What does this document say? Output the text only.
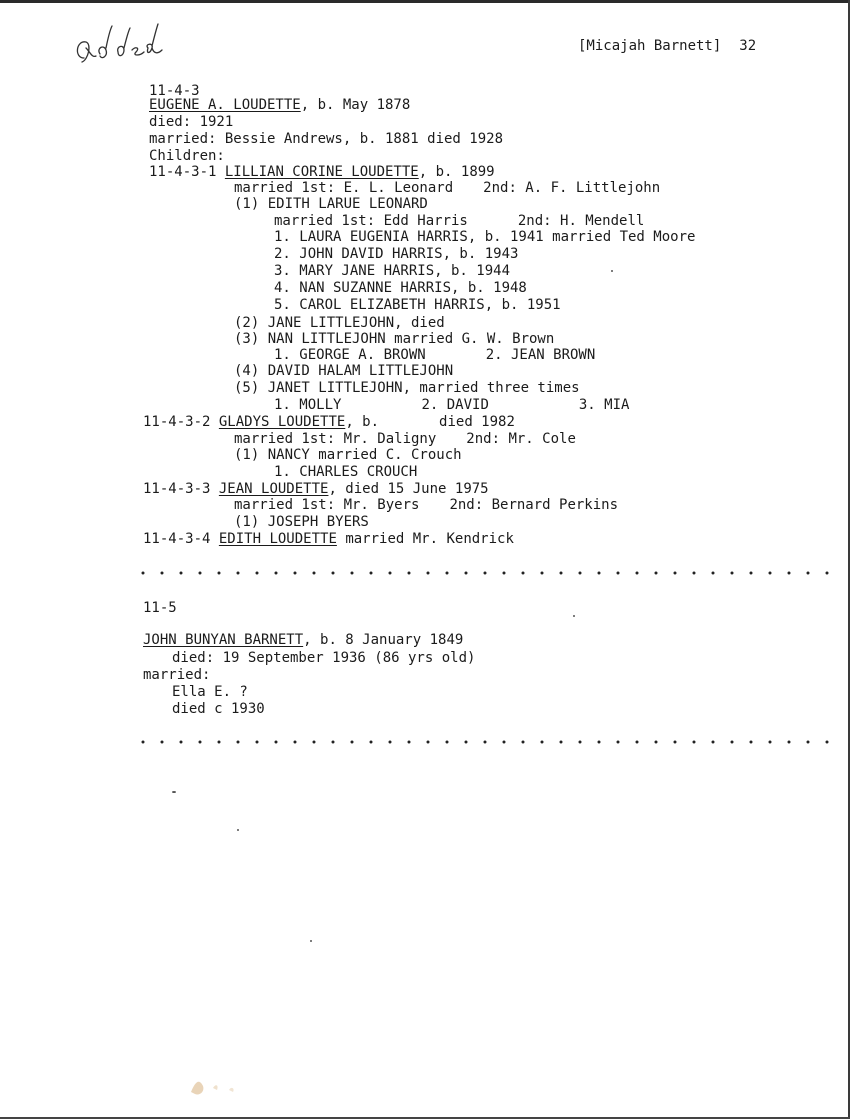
[Micajah Barnett] 32
11-4-3
EUGENE A. LOUDETTE, b. May 1878
died: 1921
married: Bessie Andrews, b. 1881 died 1928
Children:
11-4-3-1 LILLIAN CORINE LOUDETTE, b. 1899
married 1st: E. L. Leonard 2nd: A. F. Littlejohn
(1) EDITH LARUE LEONARD
married 1st: Edd Harris	2nd: H. Mendell
1. LAURA EUGENIA HARRIS, b. 1941 married Ted Moore
2. JOHN DAVID HARRIS, b. 1943
3. MARY JANE HARRIS, b. 1944
4. NAN SUZANNE HARRIS, b. 1948
5. CAROL ELIZABETH HARRIS, b. 1951
(2) JANE LITTLEJOHN, died
(3) NAN LITTLEJOHN married G. W. Brown
1. GEORGE A. BROWN	2. JEAN BROWN
(4) DAVID HALAM LITTLEJOHN
(5) JANET LITTLEJOHN, married three times
1. MOLLY	2. DAVID	3. MIA
11-4-3-2 GLADYS LOUDETTE, b.	died 1982
married 1st: Mr. Daligny 2nd: Mr. Cole
(1) NANCY married C. Crouch
1. CHARLES CROUCH
11-4-3-3 JEAN LOUDETTE, died 15 June 1975
married 1st: Mr. Byers 2nd: Bernard Perkins
(1) JOSEPH BYERS
11-4-3-4 EDITH LOUDETTE married Mr. Kendrick
11-5
JOHN BUNYAN BARNETT, b. 8 January 1849
died: 19 September 1936 (86 yrs old)
married:
Ella E. ?
died c 1930
